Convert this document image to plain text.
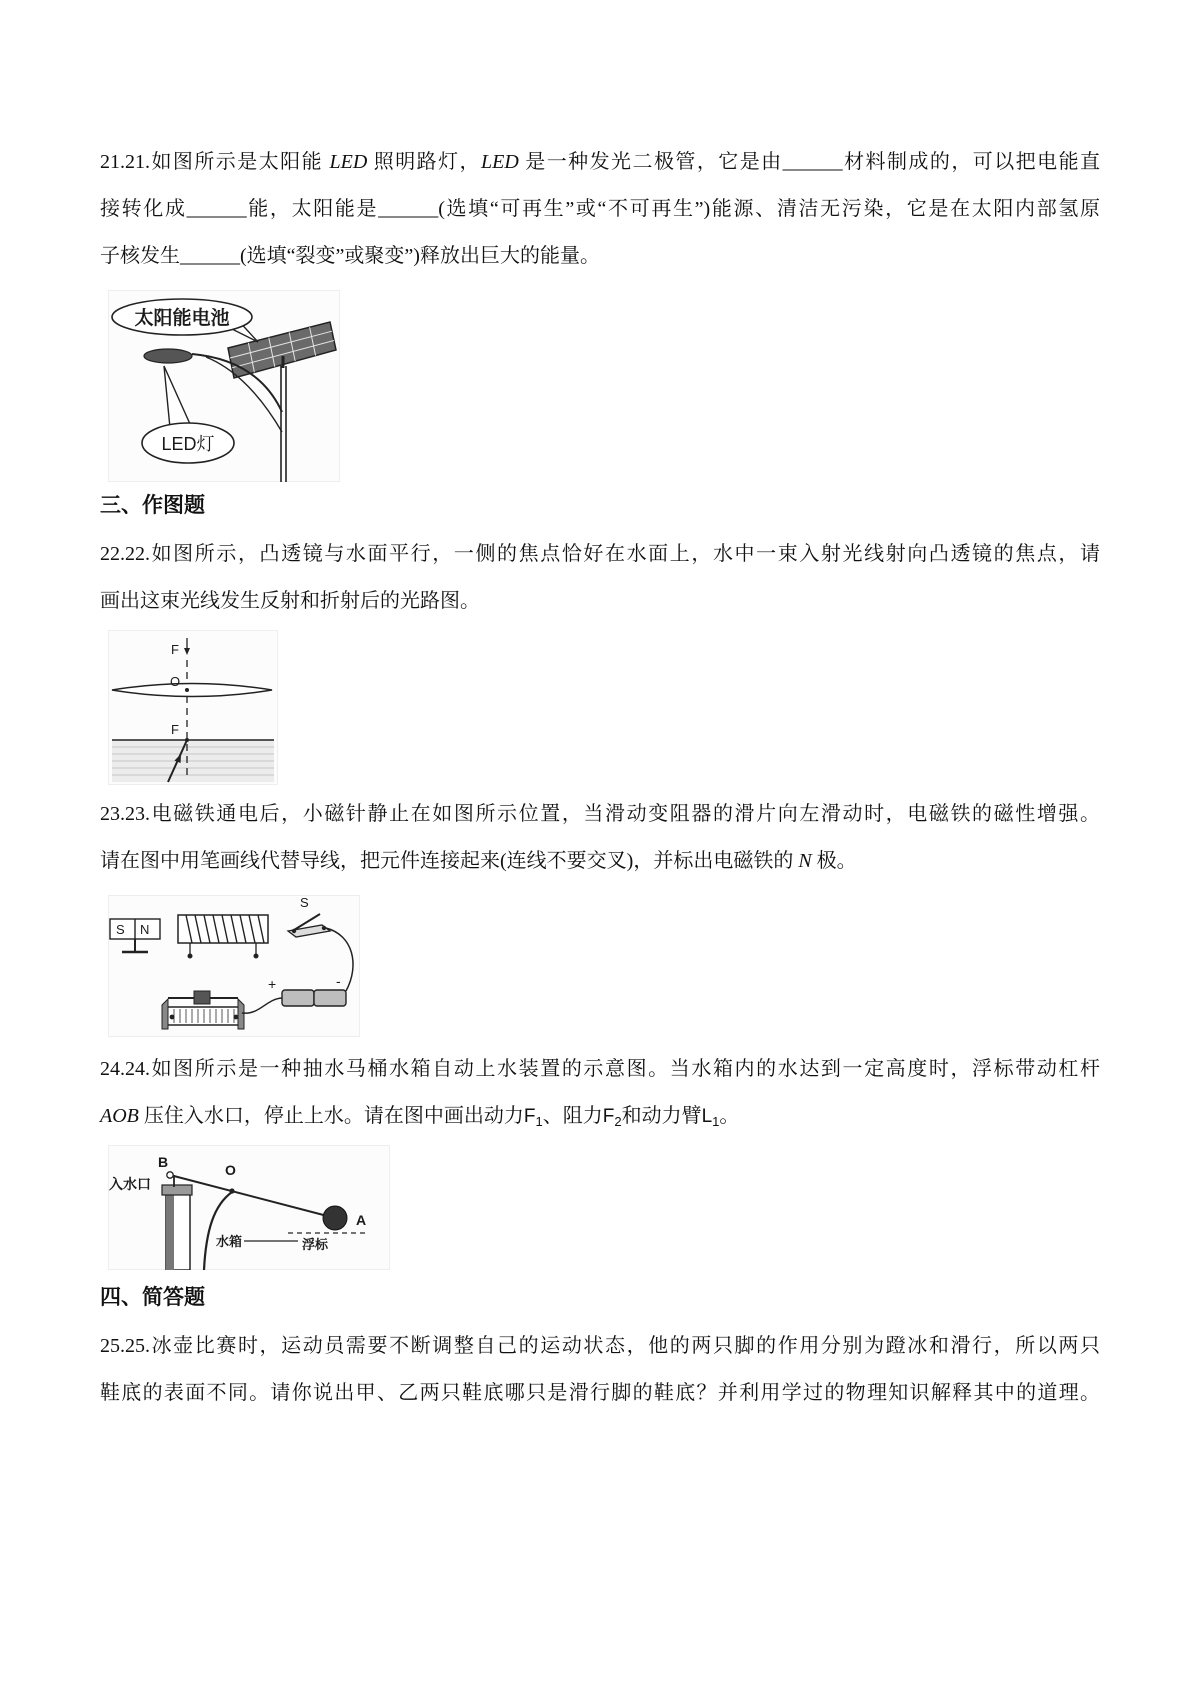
21.21.如图所示是太阳能 LED 照明路灯，LED 是一种发光二极管，它是由______材料制成的，可以把电能直
接转化成______能，太阳能是______(选填“可再生”或“不可再生”)能源、清洁无污染，它是在太阳内部氢原
子核发生______(选填“裂变”或聚变”)释放出巨大的能量。
太阳能电池
LED灯
三、作图题
22.22.如图所示，凸透镜与水面平行，一侧的焦点恰好在水面上，水中一束入射光线射向凸透镜的焦点，请
画出这束光线发生反射和折射后的光路图。
F
O
F
23.23.电磁铁通电后，小磁针静止在如图所示位置，当滑动变阻器的滑片向左滑动时，电磁铁的磁性增强。
请在图中用笔画线代替导线，把元件连接起来(连线不要交叉)，并标出电磁铁的 N 极。
S N
S
+	-
24.24.如图所示是一种抽水马桶水箱自动上水装置的示意图。当水箱内的水达到一定高度时，浮标带动杠杆
AOB 压住入水口，停止上水。请在图中画出动力$F_1$、阻力$F_2$和动力臂$L_1$。
B	O
入水口
A
水箱	浮标
四、简答题
25.25.冰壶比赛时，运动员需要不断调整自己的运动状态，他的两只脚的作用分别为蹬冰和滑行，所以两只
鞋底的表面不同。请你说出甲、乙两只鞋底哪只是滑行脚的鞋底？并利用学过的物理知识解释其中的道理。
